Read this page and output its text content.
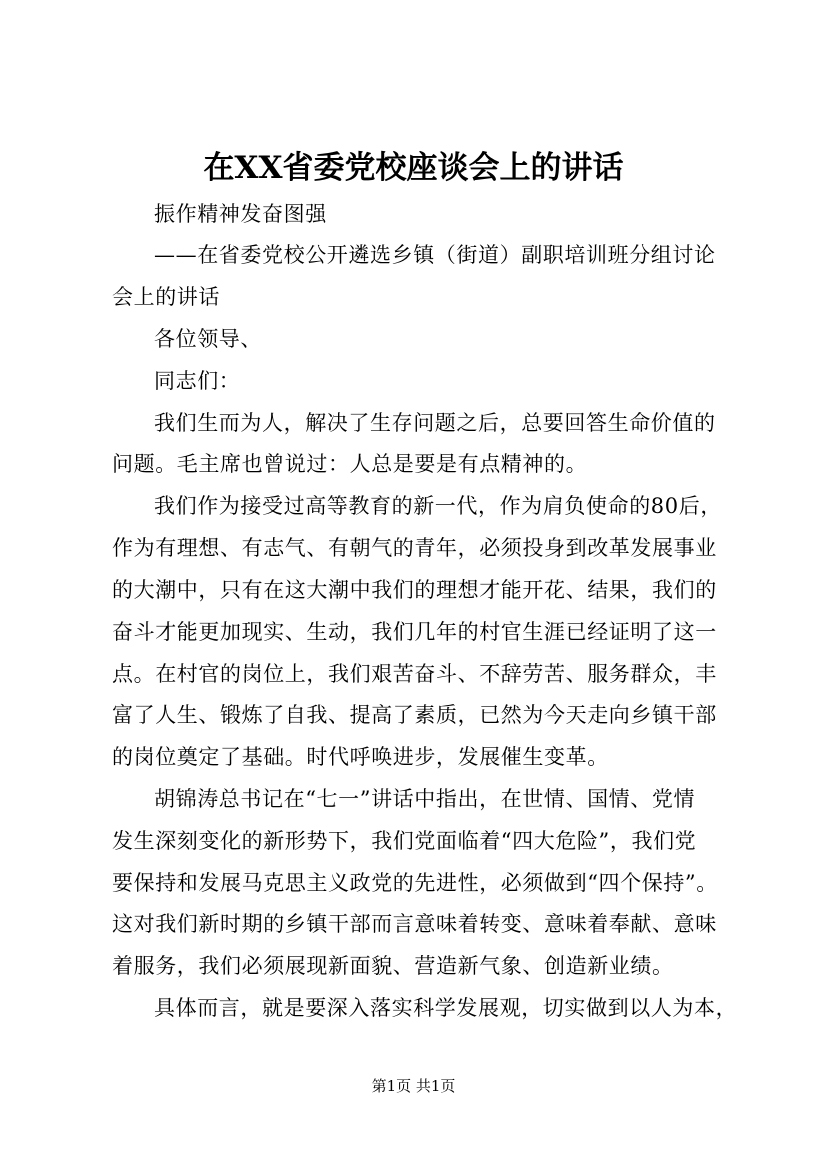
在XX省委党校座谈会上的讲话
振作精神发奋图强
——在省委党校公开遴选乡镇（街道）副职培训班分组讨论
会上的讲话
各位领导、
同志们：
我们生而为人，解决了生存问题之后，总要回答生命价值的
问题。毛主席也曾说过：人总是要是有点精神的。
我们作为接受过高等教育的新一代，作为肩负使命的80后，
作为有理想、有志气、有朝气的青年，必须投身到改革发展事业
的大潮中，只有在这大潮中我们的理想才能开花、结果，我们的
奋斗才能更加现实、生动，我们几年的村官生涯已经证明了这一
点。在村官的岗位上，我们艰苦奋斗、不辞劳苦、服务群众，丰
富了人生、锻炼了自我、提高了素质，已然为今天走向乡镇干部
的岗位奠定了基础。时代呼唤进步，发展催生变革。
胡锦涛总书记在“七一”讲话中指出，在世情、国情、党情
发生深刻变化的新形势下，我们党面临着“四大危险”，我们党
要保持和发展马克思主义政党的先进性，必须做到“四个保持”。
这对我们新时期的乡镇干部而言意味着转变、意味着奉献、意味
着服务，我们必须展现新面貌、营造新气象、创造新业绩。
具体而言，就是要深入落实科学发展观，切实做到以人为本，
第1页 共1页
